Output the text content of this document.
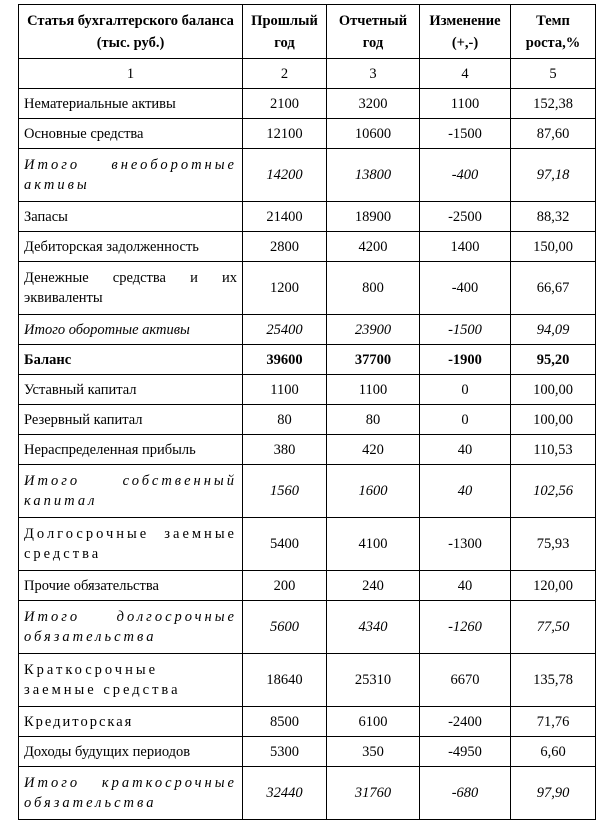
Статья бухгалтерского баланса (тыс. руб.)	Прошлый год	Отчетный год	Изменение (+,-)	Темп роста,%
1	2	3	4	5
Нематериальные активы	2100	3200	1100	152,38
Основные средства	12100	10600	-1500	87,60
Итого внеоборотные активы	14200	13800	-400	97,18
Запасы	21400	18900	-2500	88,32
Дебиторская задолженность	2800	4200	1400	150,00
Денежные средства и их эквиваленты	1200	800	-400	66,67
Итого оборотные активы	25400	23900	-1500	94,09
Баланс	39600	37700	-1900	95,20
Уставный капитал	1100	1100	0	100,00
Резервный капитал	80	80	0	100,00
Нераспределенная прибыль	380	420	40	110,53
Итого собственный капитал	1560	1600	40	102,56
Долгосрочные заемные средства	5400	4100	-1300	75,93
Прочие обязательства	200	240	40	120,00
Итого долгосрочные обязательства	5600	4340	-1260	77,50
Краткосрочные заемные средства	18640	25310	6670	135,78
Кредиторская	8500	6100	-2400	71,76
Доходы будущих периодов	5300	350	-4950	6,60
Итого краткосрочные обязательства	32440	31760	-680	97,90
